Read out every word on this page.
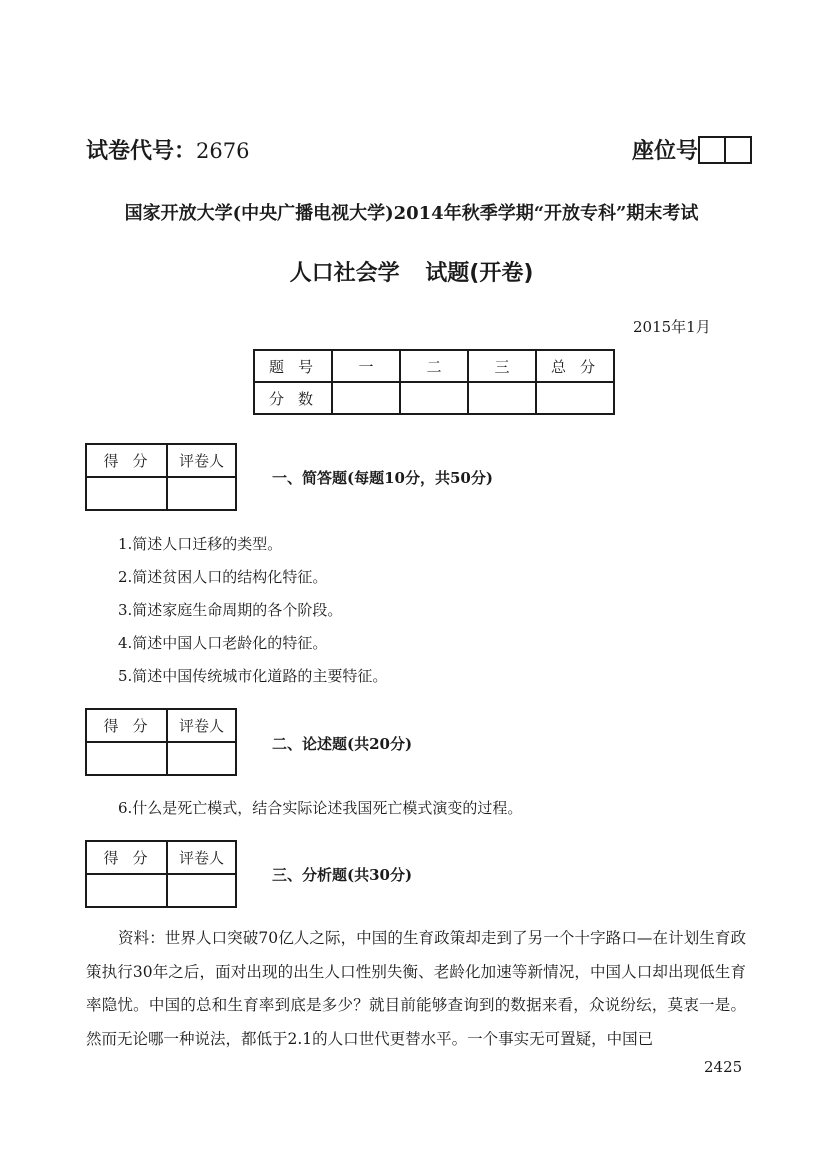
试卷代号：2676	座位号
国家开放大学(中央广播电视大学)2014年秋季学期“开放专科”期末考试
人口社会学 试题(开卷)
2015年1月
题号	一	二	三	总分
分数				
得分	评卷人

一、简答题(每题10分，共50分)
1.简述人口迁移的类型。
2.简述贫困人口的结构化特征。
3.简述家庭生命周期的各个阶段。
4.简述中国人口老龄化的特征。
5.简述中国传统城市化道路的主要特征。
得分	评卷人

二、论述题(共20分)
6.什么是死亡模式，结合实际论述我国死亡模式演变的过程。
得分	评卷人

三、分析题(共30分)
资料：世界人口突破70亿人之际，中国的生育政策却走到了另一个十字路口—在计划生育政策执行30年之后，面对出现的出生人口性别失衡、老龄化加速等新情况，中国人口却出现低生育率隐忧。中国的总和生育率到底是多少？就目前能够查询到的数据来看，众说纷纭，莫衷一是。然而无论哪一种说法，都低于2.1的人口世代更替水平。一个事实无可置疑，中国已
2425
